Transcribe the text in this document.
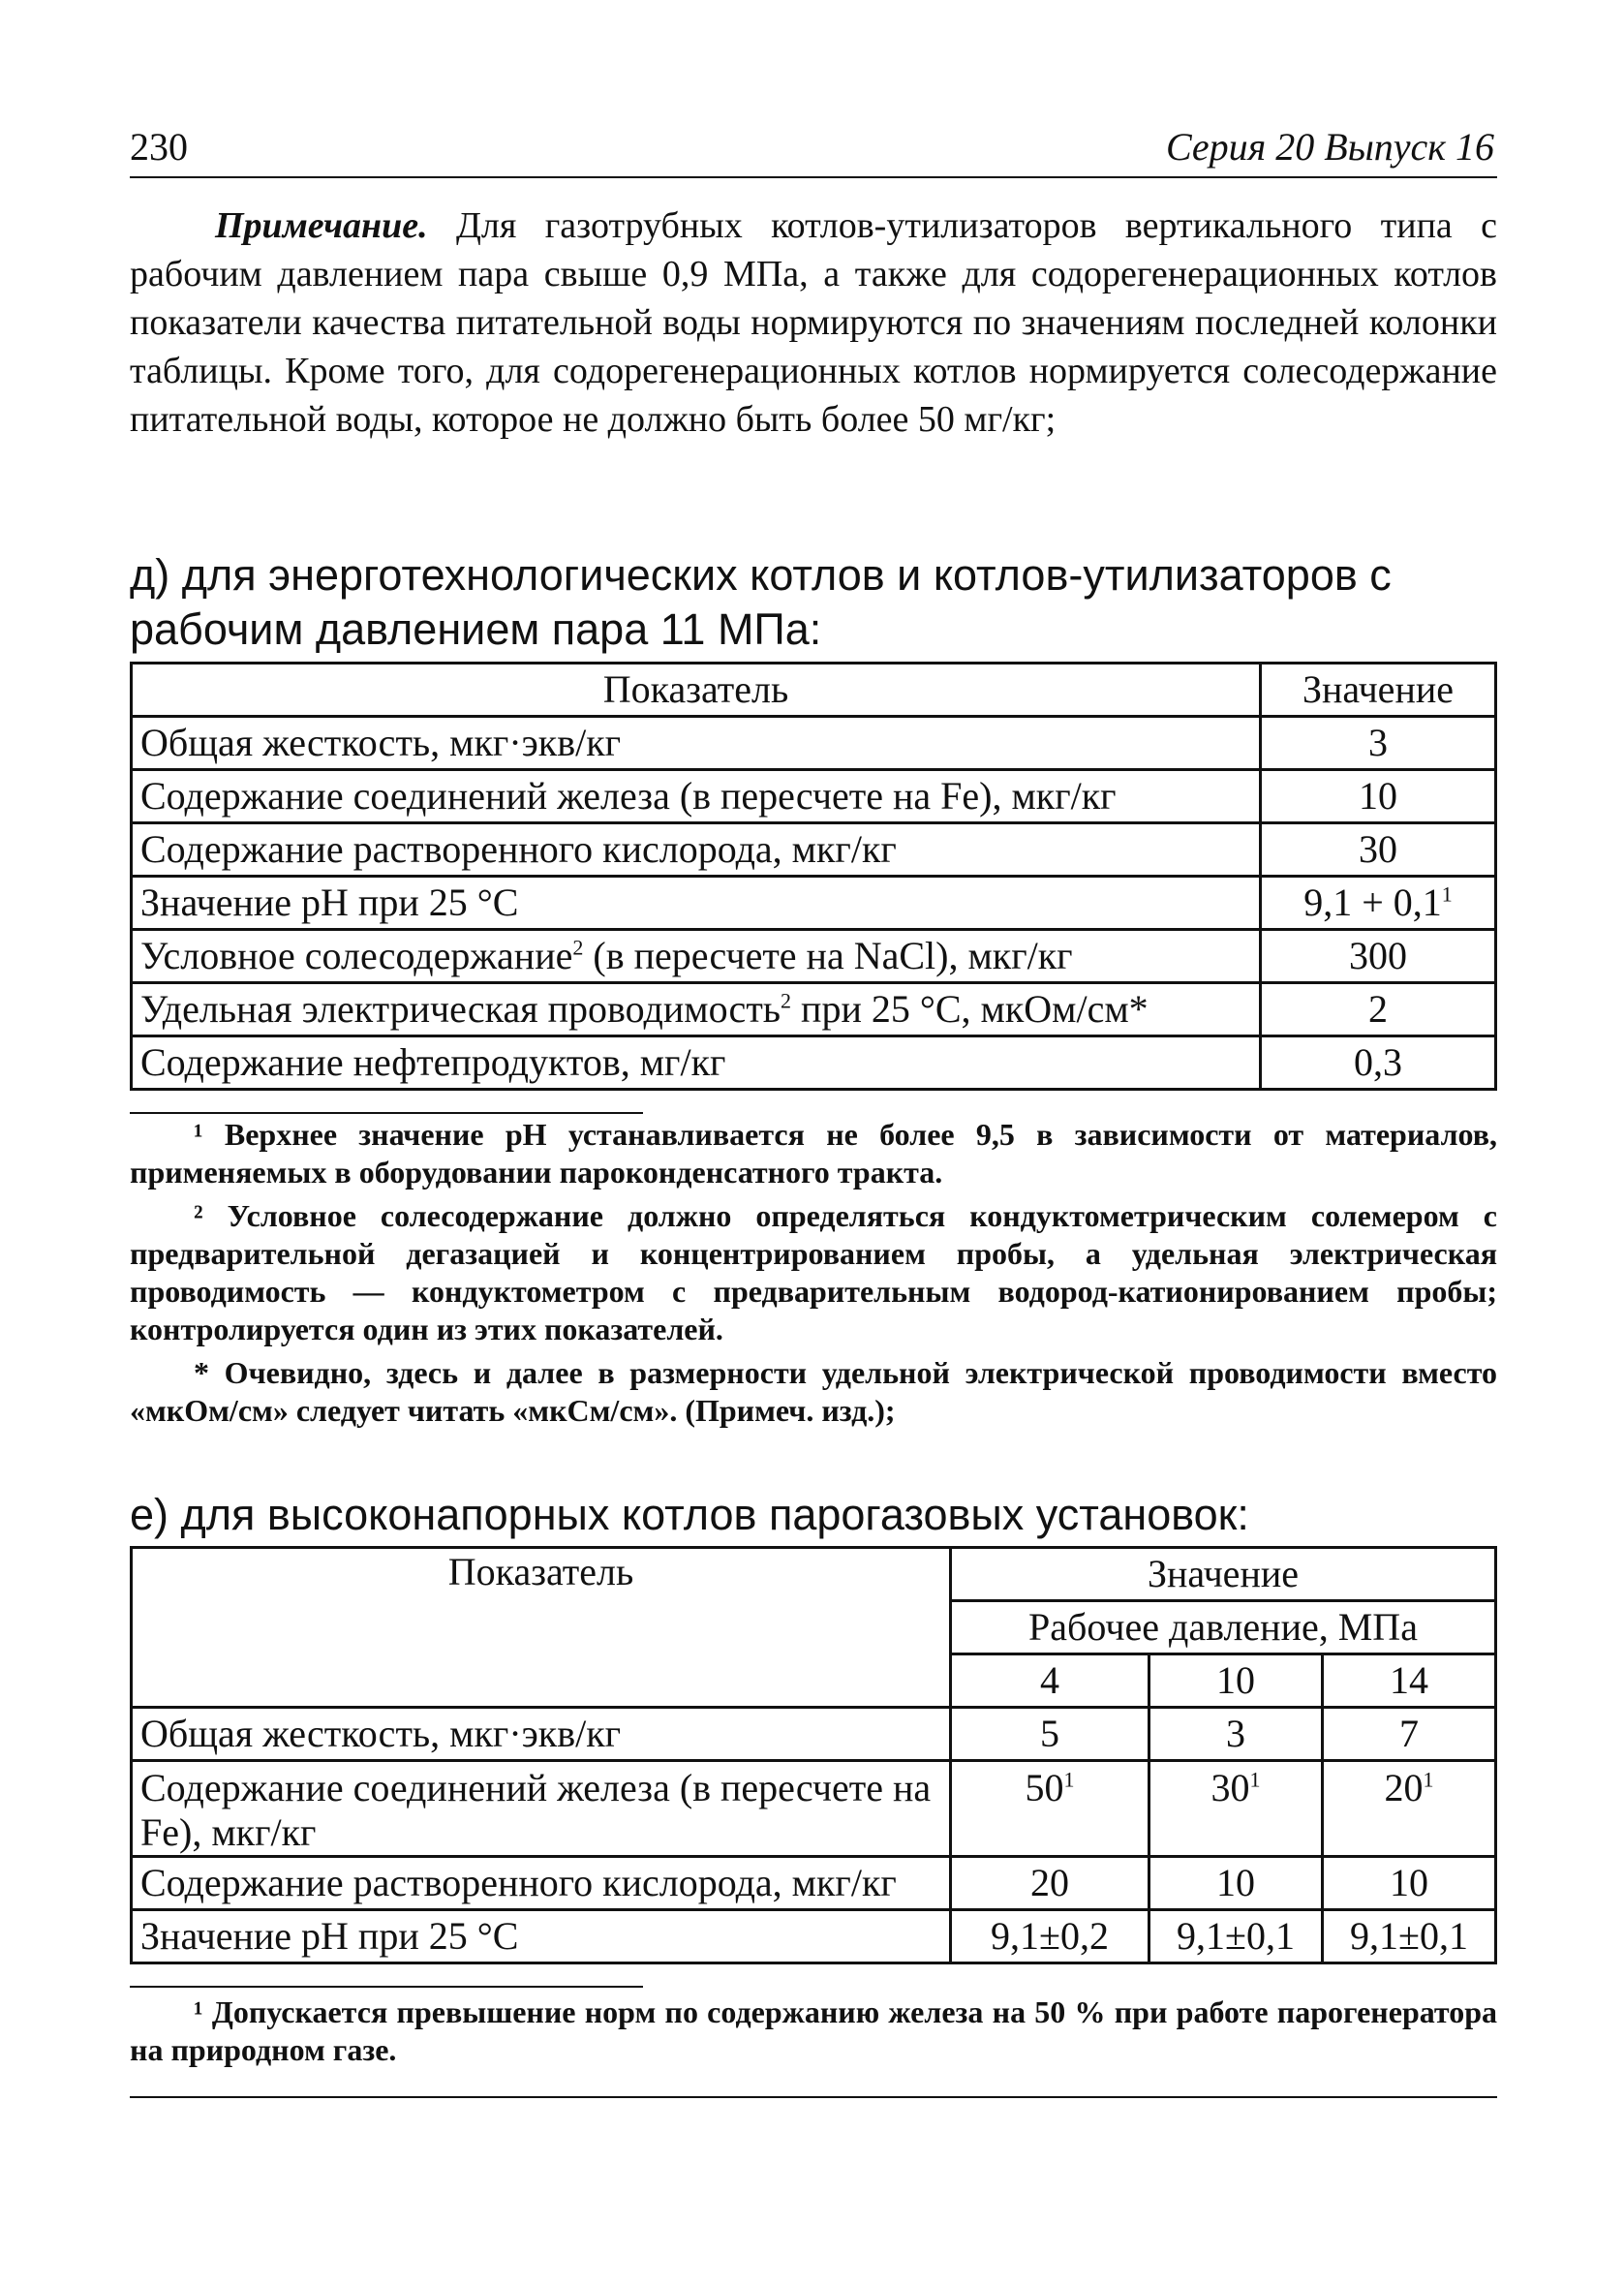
230	Серия 20 Выпуск 16
Примечание. Для газотрубных котлов-утилизаторов вертикального типа с рабочим давлением пара свыше 0,9 МПа, а также для содорегенерационных котлов показатели качества питательной воды нормируются по значениям последней колонки таблицы. Кроме того, для содорегенерационных котлов нормируется солесодержание питательной воды, которое не должно быть более 50 мг/кг;
д) для энерготехнологических котлов и котлов-утилизаторов с рабочим давлением пара 11 МПа:
Показатель	Значение
Общая жесткость, мкг·экв/кг	3
Содержание соединений железа (в пересчете на Fe), мкг/кг	10
Содержание растворенного кислорода, мкг/кг	30
Значение pH при 25 °C	$9,1 + 0,1^1$
Условное солесодержание$^2$ (в пересчете на NaCl), мкг/кг	300
Удельная электрическая проводимость$^2$ при 25 °C, мкОм/см*	2
Содержание нефтепродуктов, мг/кг	0,3

¹ Верхнее значение pH устанавливается не более 9,5 в зависимости от материалов, применяемых в оборудовании пароконденсатного тракта.

² Условное солесодержание должно определяться кондуктометрическим солемером с предварительной дегазацией и концентрированием пробы, а удельная электрическая проводимость — кондуктометром с предварительным водород-катионированием пробы; контролируется один из этих показателей.

* Очевидно, здесь и далее в размерности удельной электрической проводимости вместо «мкОм/см» следует читать «мкСм/см». (Примеч. изд.);

е) для высоконапорных котлов парогазовых установок:
Показатель	Значение		
	Рабочее давление, МПа		
	4	10	14
Общая жесткость, мкг·экв/кг	5	3	7
Содержание соединений железа (в пересчете на Fe), мкг/кг	$50^1$	$30^1$	$20^1$
Содержание растворенного кислорода, мкг/кг	20	10	10
Значение pH при 25 °C	9,1±0,2	9,1±0,1	9,1±0,1

¹ Допускается превышение норм по содержанию железа на 50 % при работе парогенератора на природном газе.
